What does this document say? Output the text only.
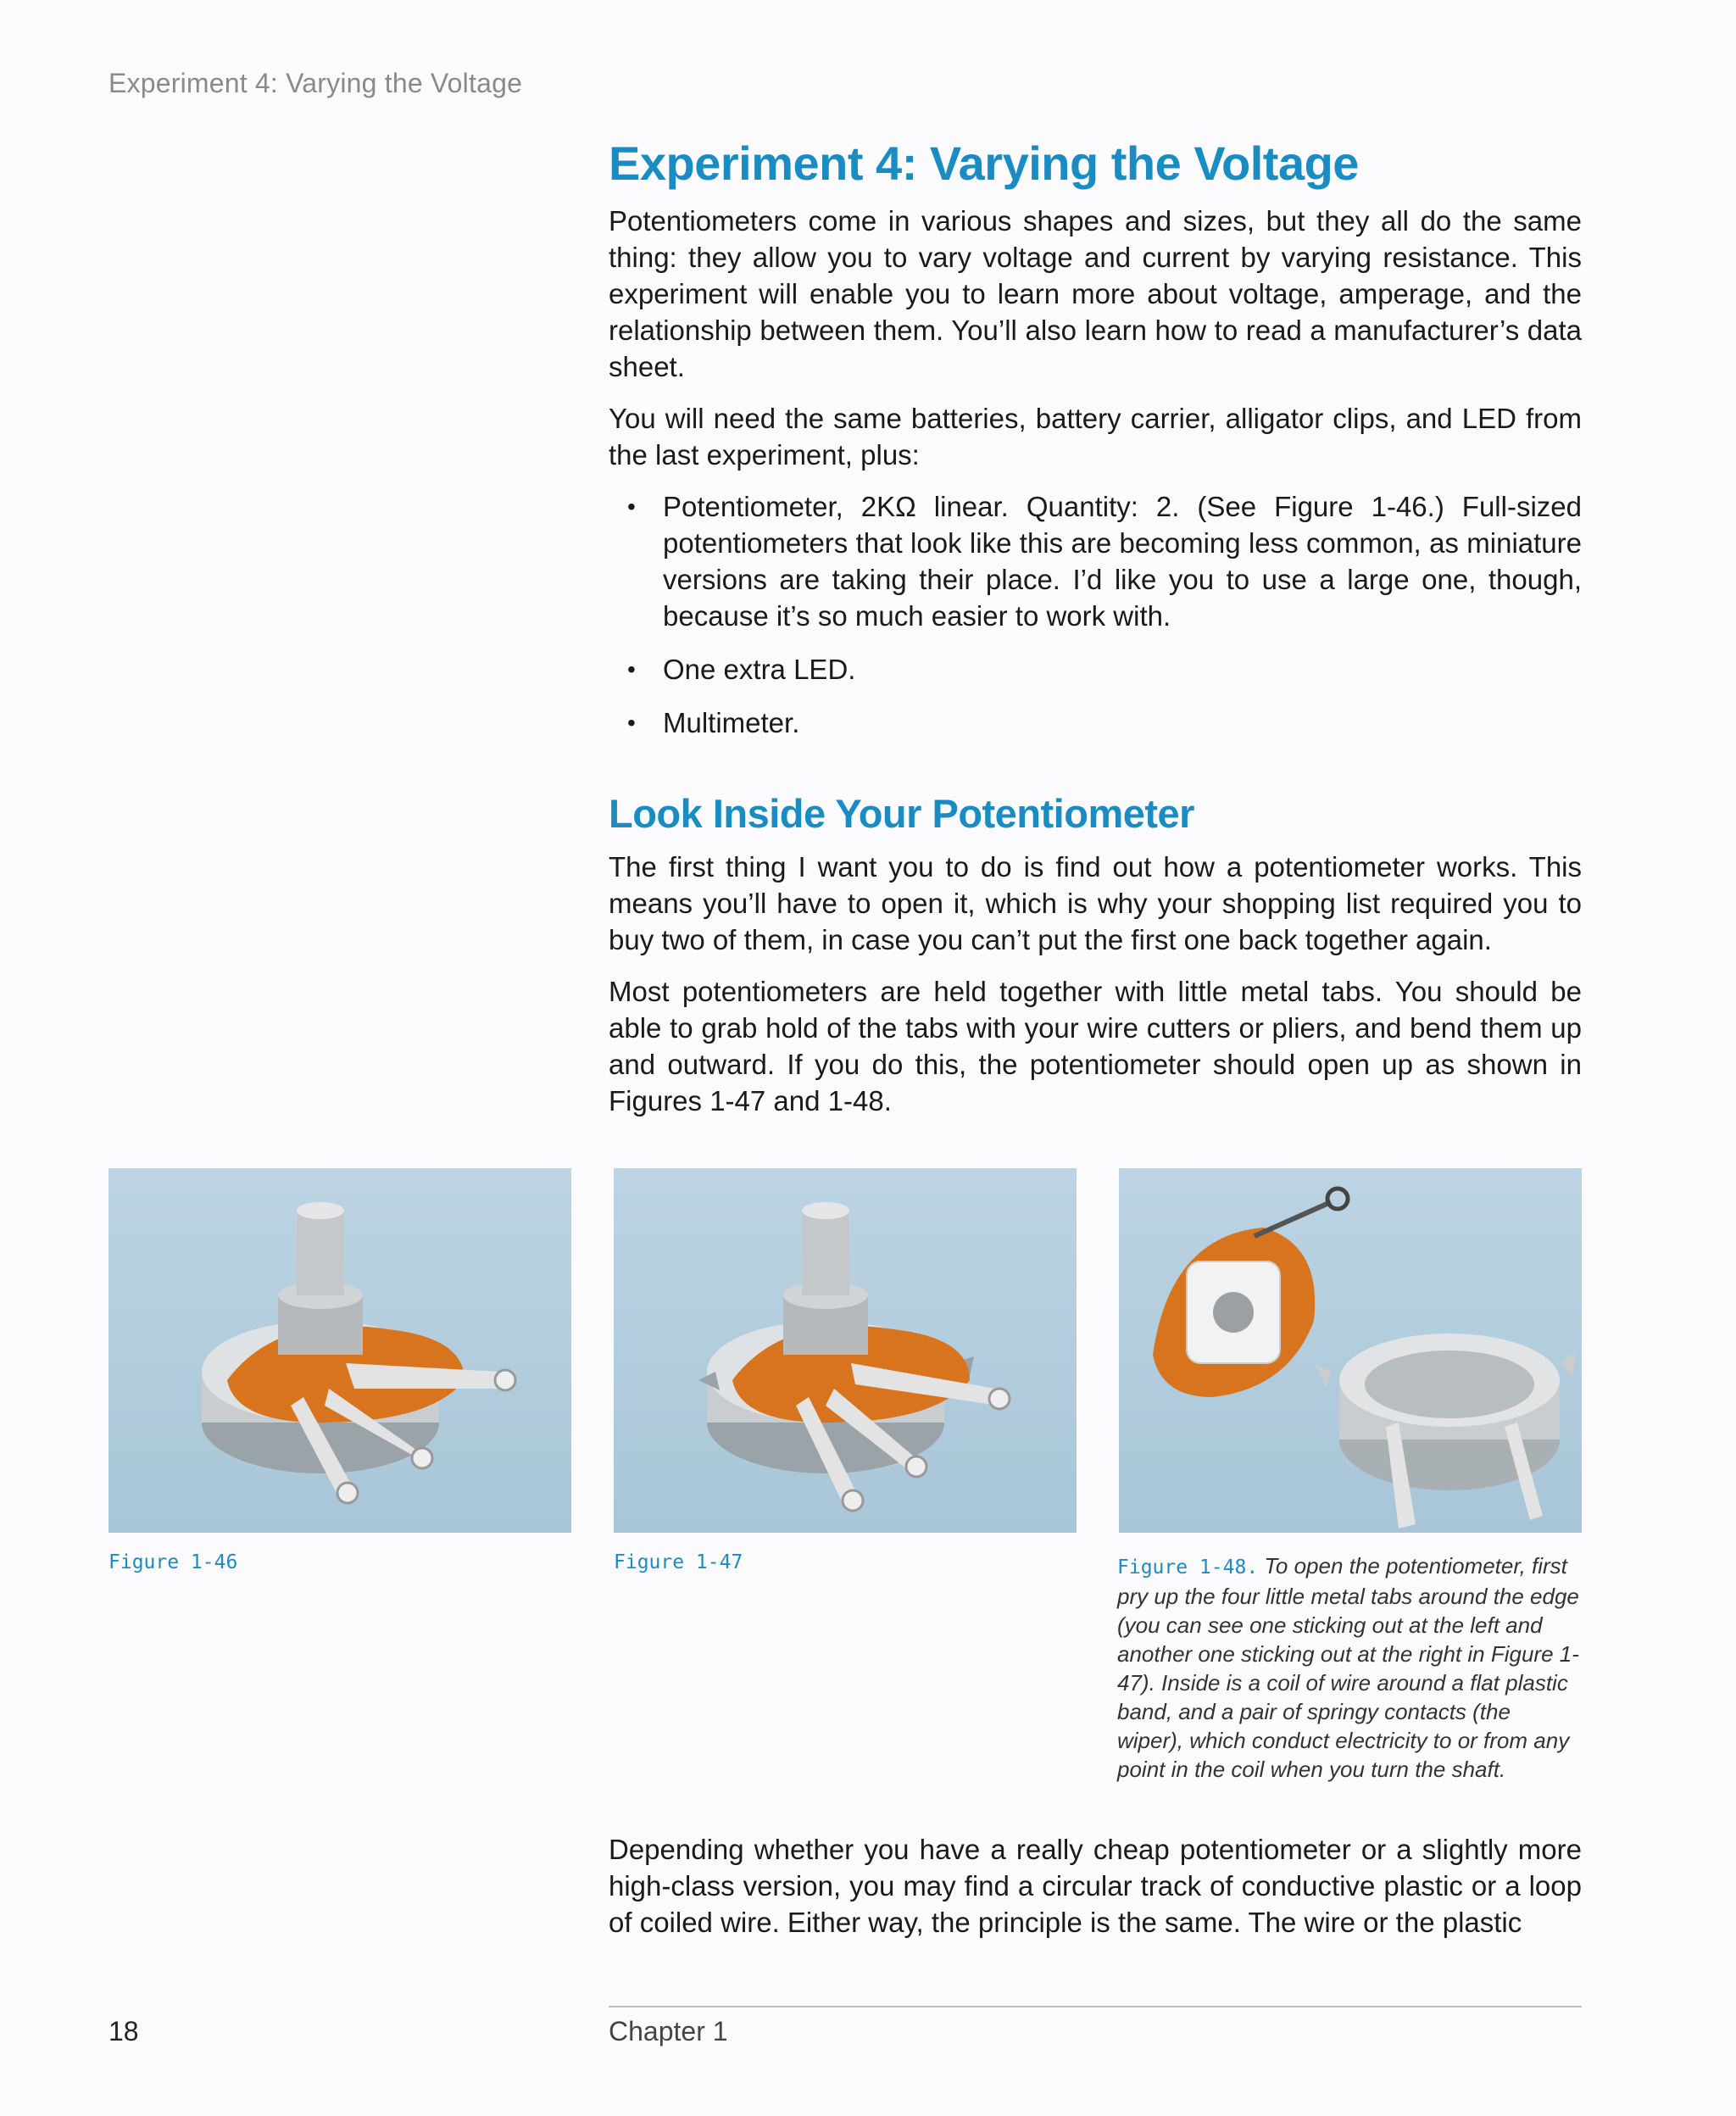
Experiment 4: Varying the Voltage
Experiment 4: Varying the Voltage

Potentiometers come in various shapes and sizes, but they all do the same thing: they allow you to vary voltage and current by varying resistance. This experiment will enable you to learn more about voltage, amperage, and the relationship between them. You’ll also learn how to read a manufacturer’s data sheet.

You will need the same batteries, battery carrier, alligator clips, and LED from the last experiment, plus:

• Potentiometer, 2KΩ linear. Quantity: 2. (See Figure 1-46.) Full-sized potentiometers that look like this are becoming less common, as miniature versions are taking their place. I’d like you to use a large one, though, because it’s so much easier to work with.
• One extra LED.
• Multimeter.
Look Inside Your Potentiometer

The first thing I want you to do is find out how a potentiometer works. This means you’ll have to open it, which is why your shopping list required you to buy two of them, in case you can’t put the first one back together again.

Most potentiometers are held together with little metal tabs. You should be able to grab hold of the tabs with your wire cutters or pliers, and bend them up and outward. If you do this, the potentiometer should open up as shown in Figures 1-47 and 1-48.

Figure 1-46	Figure 1-47	Figure 1-48. To open the potentiometer, first pry up the four little metal tabs around the edge (you can see one sticking out at the left and another one sticking out at the right in Figure 1-47). Inside is a coil of wire around a flat plastic band, and a pair of springy contacts (the wiper), which conduct electricity to or from any point in the coil when you turn the shaft.

Depending whether you have a really cheap potentiometer or a slightly more high-class version, you may find a circular track of conductive plastic or a loop of coiled wire. Either way, the principle is the same. The wire or the plastic

18	Chapter 1
